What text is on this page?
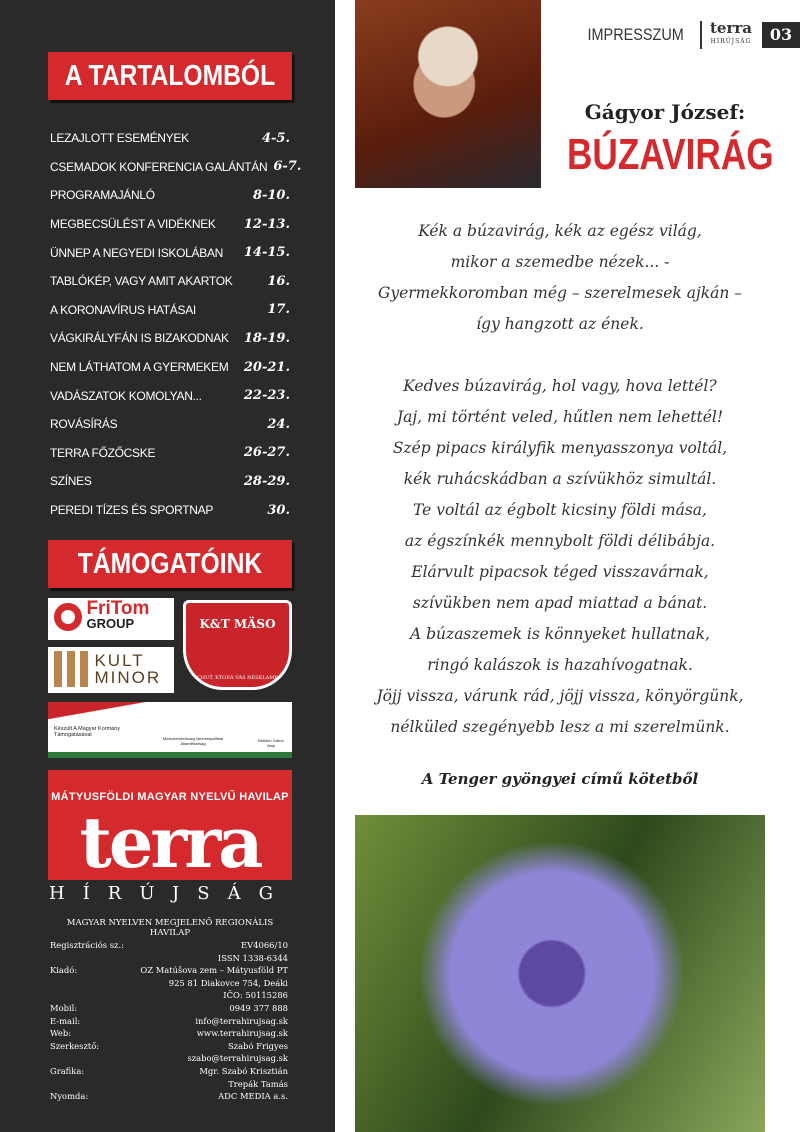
A TARTALOMBÓL
LEZAJLOTT ESEMÉNYEK	4-5.
CSEMADOK KONFERENCIA GALÁNTÁN 6-7.
PROGRAMAJÁNLÓ	8-10.
MEGBECSÜLÉST A VIDÉKNEK 12-13.
ÜNNEP A NEGYEDI ISKOLÁBAN 14-15.
TABLÓKÉP, VAGY AMIT AKARTOK	16.
A KORONAVÍRUS HATÁSAI	17.
VÁGKIRÁLYFÁN IS BIZAKODNAK 18-19.
NEM LÁTHATOM A GYERMEKEM 20-21.
VADÁSZATOK KOMOLYAN...	22-23.
ROVÁSÍRÁS	24.
TERRA FŐZŐCSKE	26-27.
SZÍNES	28-29.
PEREDI TÍZES ÉS SPORTNAP	30.
TÁMOGATÓINK
FriTom
GROUP
KULT
MINOR
K&T MÄSO
CHUŤ, KTORÁ VÁS NESKLAME
Készült A Magyar Kormány Támogatásával
Miniszterelnökség Nemzetpolitikai Államtitkárság
Bethlen Gábor Alap
MÁTYUSFÖLDI MAGYAR NYELVŰ HAVILAP
terra
HÍRÚJSÁG
MAGYAR NYELVEN MEGJELENŐ REGIONÁLIS HAVILAP
Regisztrációs sz.:	EV4066/10
ISSN 1338-6344
Kiadó:	OZ Matúšova zem – Mátyusföld PT
925 81 Diakovce 754, Deáki
IČO: 50115286
Mobil:	0949 377 888
E-mail:	info@terrahirujsag.sk
Web:	www.terrahirujsag.sk
Szerkesztő:	Szabó Frigyes
szabo@terrahirujsag.sk
Grafika:	Mgr. Szabó Krisztián
Trepák Tamás
Nyomda:	ADC MEDIA a.s.
IMPRESSZUM terra
HÍRÚJSÁG	03
Gágyor József:
BÚZAVIRÁG
Kék a búzavirág, kék az egész világ,
mikor a szemedbe nézek... -
Gyermekkoromban még – szerelmesek ajkán –
így hangzott az ének.
Kedves búzavirág, hol vagy, hova lettél?
Jaj, mi történt veled, hűtlen nem lehettél!
Szép pipacs királyfik menyasszonya voltál,
kék ruhácskádban a szívükhöz simultál.
Te voltál az égbolt kicsiny földi mása,
az égszínkék mennybolt földi délibábja.
Elárvult pipacsok téged visszavárnak,
szívükben nem apad miattad a bánat.
A búzaszemek is könnyeket hullatnak,
ringó kalászok is hazahívogatnak.
Jöjj vissza, várunk rád, jöjj vissza, könyörgünk,
nélküled szegényebb lesz a mi szerelmünk.
A Tenger gyöngyei című kötetből
